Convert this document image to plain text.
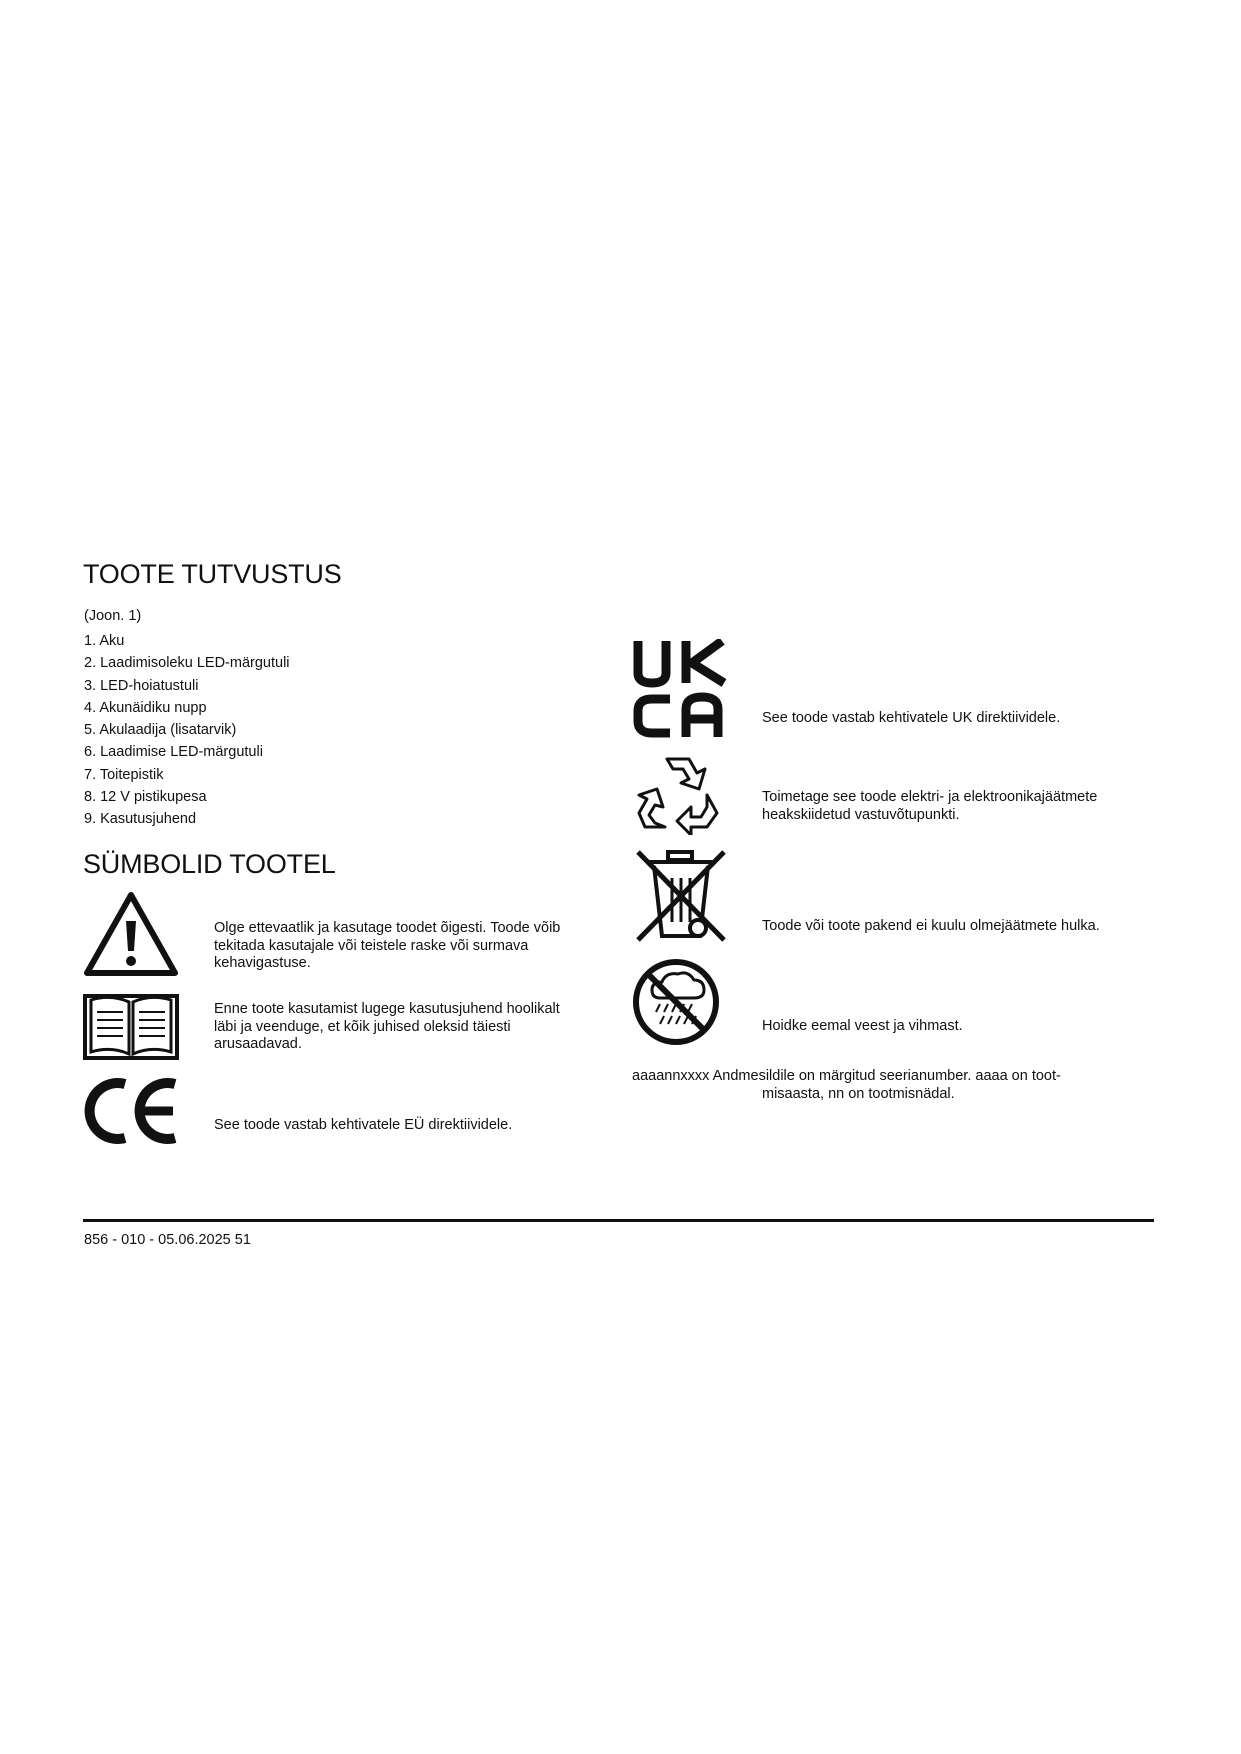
TOOTE TUTVUSTUS
(Joon. 1)
1. Aku
2. Laadimisoleku LED-märgutuli
3. LED-hoiatustuli
4. Akunäidiku nupp
5. Akulaadija (lisatarvik)
6. Laadimise LED-märgutuli
7. Toitepistik
8. 12 V pistikupesa
9. Kasutusjuhend
SÜMBOLID TOOTEL
Olge ettevaatlik ja kasutage toodet õigesti. Toode võib tekitada kasutajale või teistele raske või surmava kehavigastuse.
Enne toote kasutamist lugege kasutusjuhend hoolikalt läbi ja veenduge, et kõik juhised oleksid täiesti arusaadavad.
See toode vastab kehtivatele EÜ direktiividele.
See toode vastab kehtivatele UK direktiividele.
Toimetage see toode elektri- ja elektroonikajäätmete heakskiidetud vastuvõtupunkti.
Toode või toote pakend ei kuulu olmejäätmete hulka.
Hoidke eemal veest ja vihmast.
aaaannxxxx Andmesildile on märgitud seerianumber. aaaa on toot-
misaasta, nn on tootmisnädal.
856 - 010 - 05.06.2025 51
